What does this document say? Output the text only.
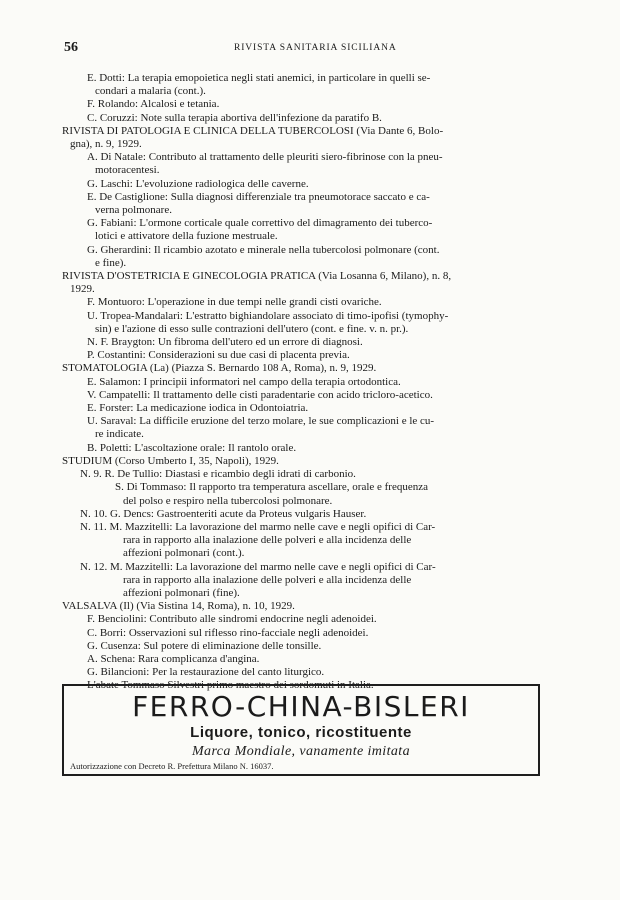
56	RIVISTA SANITARIA SICILIANA
E. Dotti: La terapia emopoietica negli stati anemici, in particolare in quelli se-
condari a malaria (cont.).
F. Rolando: Alcalosi e tetania.
C. Coruzzi: Note sulla terapia abortiva dell'infezione da paratifo B.
RIVISTA DI PATOLOGIA E CLINICA DELLA TUBERCOLOSI (Via Dante 6, Bolo-
gna), n. 9, 1929.
A. Di Natale: Contributo al trattamento delle pleuriti siero-fibrinose con la pneu-
motoracentesi.
G. Laschi: L'evoluzione radiologica delle caverne.
E. De Castiglione: Sulla diagnosi differenziale tra pneumotorace saccato e ca-
verna polmonare.
G. Fabiani: L'ormone corticale quale correttivo del dimagramento dei tuberco-
lotici e attivatore della fuzione mestruale.
G. Gherardini: Il ricambio azotato e minerale nella tubercolosi polmonare (cont.
e fine).
RIVISTA D'OSTETRICIA E GINECOLOGIA PRATICA (Via Losanna 6, Milano), n. 8,
1929.
F. Montuoro: L'operazione in due tempi nelle grandi cisti ovariche.
U. Tropea-Mandalari: L'estratto bighiandolare associato di timo-ipofisi (tymophy-
sin) e l'azione di esso sulle contrazioni dell'utero (cont. e fine. v. n. pr.).
N. F. Braygton: Un fibroma dell'utero ed un errore di diagnosi.
P. Costantini: Considerazioni su due casi di placenta previa.
STOMATOLOGIA (La) (Piazza S. Bernardo 108 A, Roma), n. 9, 1929.
E. Salamon: I principii informatori nel campo della terapia ortodontica.
V. Campatelli: Il trattamento delle cisti paradentarie con acido tricloro-acetico.
E. Forster: La medicazione iodica in Odontoiatria.
U. Saraval: La difficile eruzione del terzo molare, le sue complicazioni e le cu-
re indicate.
B. Poletti: L'ascoltazione orale: Il rantolo orale.
STUDIUM (Corso Umberto I, 35, Napoli), 1929.
N. 9. R. De Tullio: Diastasi e ricambio degli idrati di carbonio.
S. Di Tommaso: Il rapporto tra temperatura ascellare, orale e frequenza
del polso e respiro nella tubercolosi polmonare.
N. 10. G. Dencs: Gastroenteriti acute da Proteus vulgaris Hauser.
N. 11. M. Mazzitelli: La lavorazione del marmo nelle cave e negli opifici di Car-
rara in rapporto alla inalazione delle polveri e alla incidenza delle
affezioni polmonari (cont.).
N. 12. M. Mazzitelli: La lavorazione del marmo nelle cave e negli opifici di Car-
rara in rapporto alla inalazione delle polveri e alla incidenza delle
affezioni polmonari (fine).
VALSALVA (Il) (Via Sistina 14, Roma), n. 10, 1929.
F. Benciolini: Contributo alle sindromi endocrine negli adenoidei.
C. Borri: Osservazioni sul riflesso rino-facciale negli adenoidei.
G. Cusenza: Sul potere di eliminazione delle tonsille.
A. Schena: Rara complicanza d'angina.
G. Bilancioni: Per la restaurazione del canto liturgico.
L'abate Tommaso Silvestri primo maestro dei sordomuti in Italia.
FERRO-CHINA-BISLERI
Liquore, tonico, ricostituente
Marca Mondiale, vanamente imitata
Autorizzazione con Decreto R. Prefettura Milano N. 16037.
